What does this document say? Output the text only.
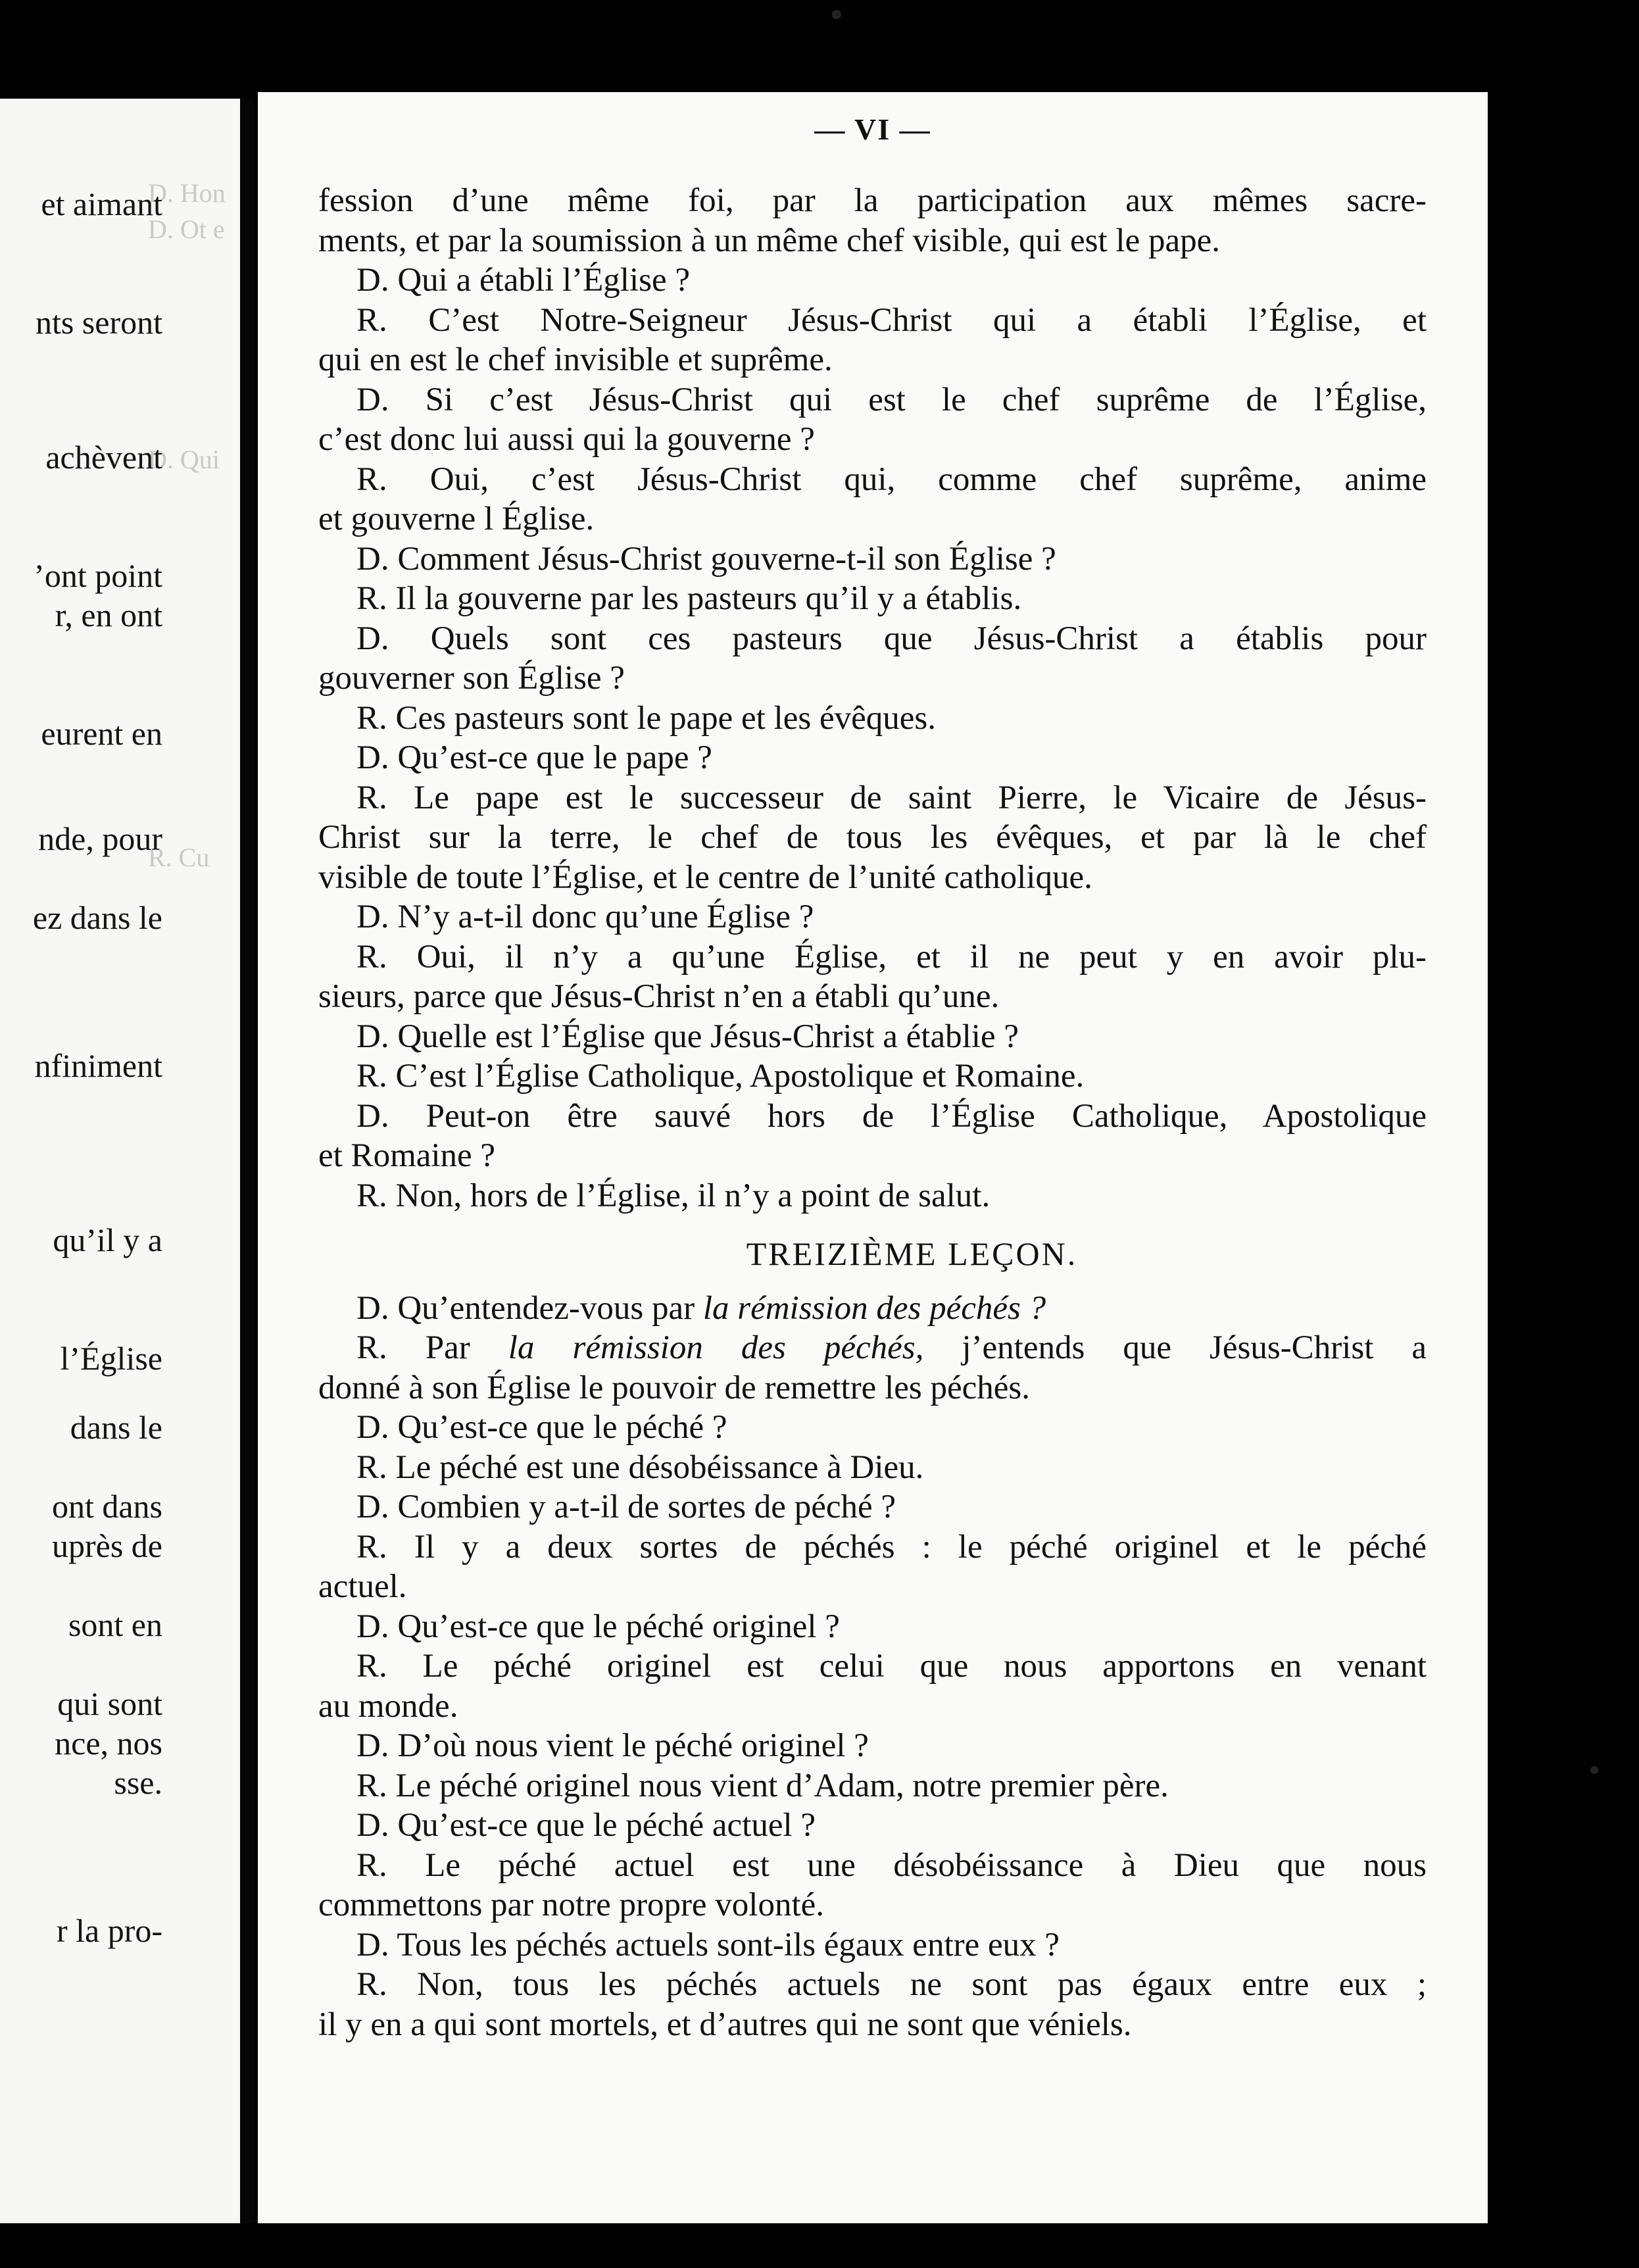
D. Hon
D. Ot e
D. Qui
R. Cu
et aimant
nts seront
achèvent
’ont point
r, en ont
eurent en
nde, pour
ez dans le
nfiniment
qu’il y a
l’Église
dans le
ont dans
uprès de
sont en
qui sont
nce, nos
sse.
r la pro-
— VI —
fession d’une même foi, par la participation aux mêmes sacre-
ments, et par la soumission à un même chef visible, qui est le pape.
D. Qui a établi l’Église ?
R. C’est Notre-Seigneur Jésus-Christ qui a établi l’Église, et
qui en est le chef invisible et suprême.
D. Si c’est Jésus-Christ qui est le chef suprême de l’Église,
c’est donc lui aussi qui la gouverne ?
R. Oui, c’est Jésus-Christ qui, comme chef suprême, anime
et gouverne l Église.
D. Comment Jésus-Christ gouverne-t-il son Église ?
R. Il la gouverne par les pasteurs qu’il y a établis.
D. Quels sont ces pasteurs que Jésus-Christ a établis pour
gouverner son Église ?
R. Ces pasteurs sont le pape et les évêques.
D. Qu’est-ce que le pape ?
R. Le pape est le successeur de saint Pierre, le Vicaire de Jésus-
Christ sur la terre, le chef de tous les évêques, et par là le chef
visible de toute l’Église, et le centre de l’unité catholique.
D. N’y a-t-il donc qu’une Église ?
R. Oui, il n’y a qu’une Église, et il ne peut y en avoir plu-
sieurs, parce que Jésus-Christ n’en a établi qu’une.
D. Quelle est l’Église que Jésus-Christ a établie ?
R. C’est l’Église Catholique, Apostolique et Romaine.
D. Peut-on être sauvé hors de l’Église Catholique, Apostolique
et Romaine ?
R. Non, hors de l’Église, il n’y a point de salut.
TREIZIÈME LEÇON.
D. Qu’entendez-vous par la rémission des péchés ?
R. Par la rémission des péchés, j’entends que Jésus-Christ a
donné à son Église le pouvoir de remettre les péchés.
D. Qu’est-ce que le péché ?
R. Le péché est une désobéissance à Dieu.
D. Combien y a-t-il de sortes de péché ?
R. Il y a deux sortes de péchés : le péché originel et le péché
actuel.
D. Qu’est-ce que le péché originel ?
R. Le péché originel est celui que nous apportons en venant
au monde.
D. D’où nous vient le péché originel ?
R. Le péché originel nous vient d’Adam, notre premier père.
D. Qu’est-ce que le péché actuel ?
R. Le péché actuel est une désobéissance à Dieu que nous
commettons par notre propre volonté.
D. Tous les péchés actuels sont-ils égaux entre eux ?
R. Non, tous les péchés actuels ne sont pas égaux entre eux ;
il y en a qui sont mortels, et d’autres qui ne sont que véniels.
